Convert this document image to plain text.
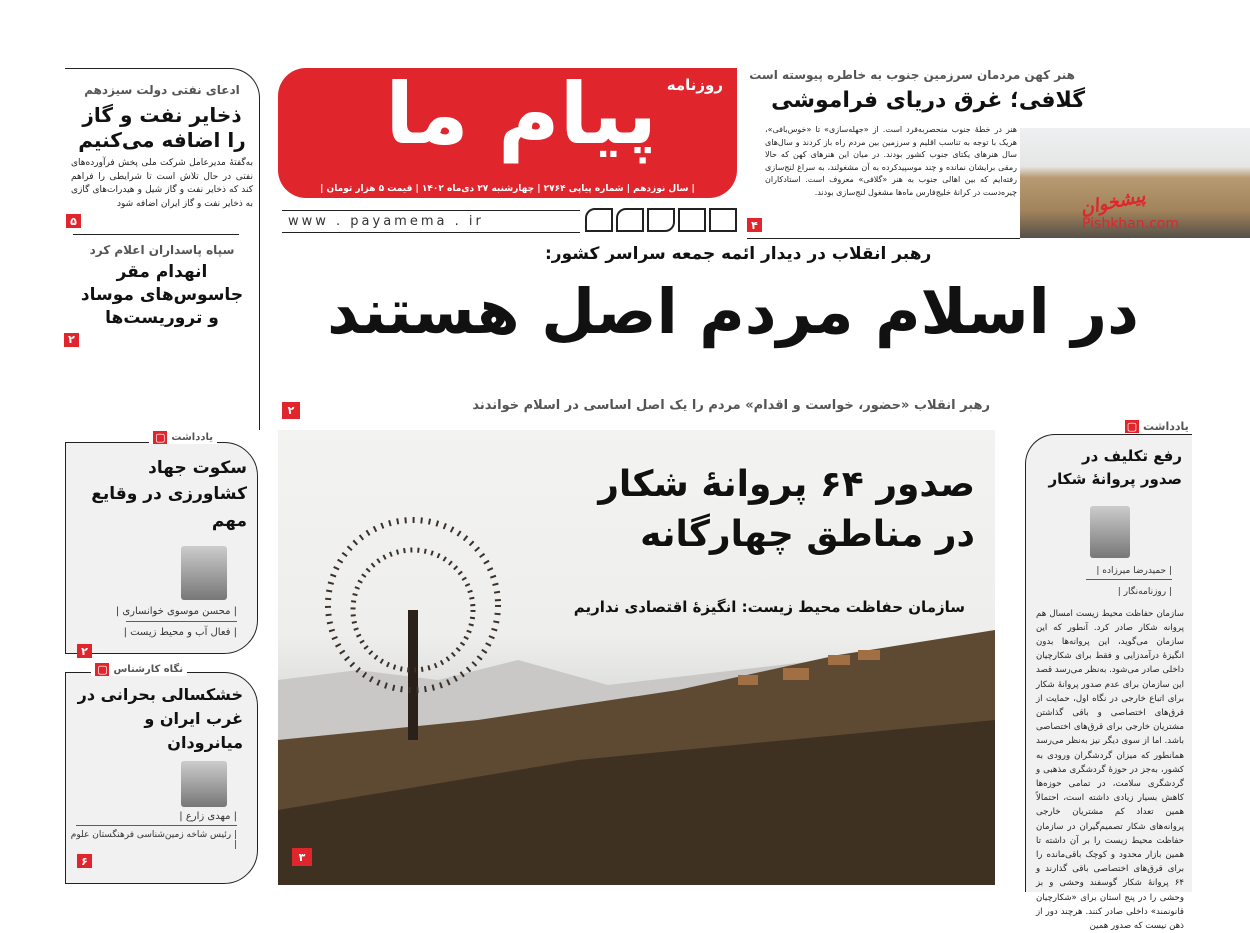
ادعای نفتی دولت سیزدهم
ذخایر نفت و گاز را اضافه می‌کنیم
به‌گفتهٔ مدیرعامل شرکت ملی پخش فرآورده‌های نفتی در حال تلاش است تا شرایطی را فراهم کند که ذخایر نفت و گاز شیل و هیدرات‌های گازی به ذخایر نفت و گاز ایران اضافه شود
۵
سپاه پاسداران اعلام کرد
انهدام مقر جاسوس‌های موساد و تروریست‌ها
۲
یادداشت
▢
سکوت جهاد کشاورزی در وقایع مهم
| محسن موسوی خوانساری |
| فعال آب و محیط زیست |
۲
نگاه کارشناس
▢
خشکسالی بحرانی در غرب ایران و میانرودان
| مهدی زارع |
| رئیس شاخه زمین‌شناسی فرهنگستان علوم |
۶
روزنامه
پیام ما
| سال نوزدهم | شماره پیاپی ۲۷۶۴ | چهارشنبه ۲۷ دی‌ماه ۱۴۰۲ | قیمت ۵ هزار تومان |
www . payamema . ir
هنر کهن مردمان سرزمین جنوب به خاطره پیوسته است
گلافی؛ غرق دریای فراموشی
هنر در خطهٔ جنوب منحصربه‌فرد است. از «جهله‌سازی» تا «خوس‌بافی»، هریک با توجه به تناسب اقلیم و سرزمین بین مردم راه باز کردند و سال‌های سال هنرهای یکتای جنوب کشور بودند. در میان این هنرهای کهن که حالا رمقی برایشان نمانده و چند موسپیدکرده به آن مشغولند، به سراغ لنج‌سازی رفته‌ایم که بین اهالی جنوب به هنر «گلافی» معروف است. استادکاران چیره‌دست در کرانهٔ خلیج‌فارس ماه‌ها مشغول لنج‌سازی بودند.
۴
پیشخوان
Pishkhan.com
رهبر انقلاب در دیدار ائمه جمعه سراسر کشور:
در اسلام مردم اصل هستند
۲	رهبر انقلاب «حضور، خواست و اقدام» مردم را یک اصل اساسی در اسلام خواندند
صدور ۶۴ پروانهٔ شکار
در مناطق چهارگانه
سازمان حفاظت محیط زیست: انگیزهٔ اقتصادی نداریم
۳
یادداشت
▢
رفع تکلیف در صدور پروانهٔ شکار
| حمیدرضا میرزاده |
| روزنامه‌نگار |
سازمان حفاظت محیط زیست امسال هم پروانه شکار صادر کرد. آنطور که این سازمان می‌گوید، این پروانه‌ها بدون انگیزهٔ درآمدزایی و فقط برای شکارچیان داخلی صادر می‌شود. به‌نظر می‌رسد قصد این سازمان برای عدم صدور پروانهٔ شکار برای اتباع خارجی در نگاه اول، حمایت از قرق‌های اختصاصی و باقی گذاشتن مشتریان خارجی برای قرق‌های اختصاصی باشد. اما از سوی دیگر نیز به‌نظر می‌رسد همانطور که میزان گردشگران ورودی به کشور، به‌جز در حوزهٔ گردشگری مذهبی و گردشگری سلامت، در تمامی حوزه‌ها کاهش بسیار زیادی داشته است، احتمالاً همین تعداد کم مشتریان خارجی پروانه‌های شکار تصمیم‌گیران در سازمان حفاظت محیط زیست را بر آن داشته تا همین بازار محدود و کوچک باقی‌مانده را برای قرق‌های اختصاصی باقی گذارند و ۶۴ پروانهٔ شکار گوسفند وحشی و بز وحشی را در پنج استان برای «شکارچیان قانونمند» داخلی صادر کنند. هرچند دور از ذهن نیست که صدور همین
